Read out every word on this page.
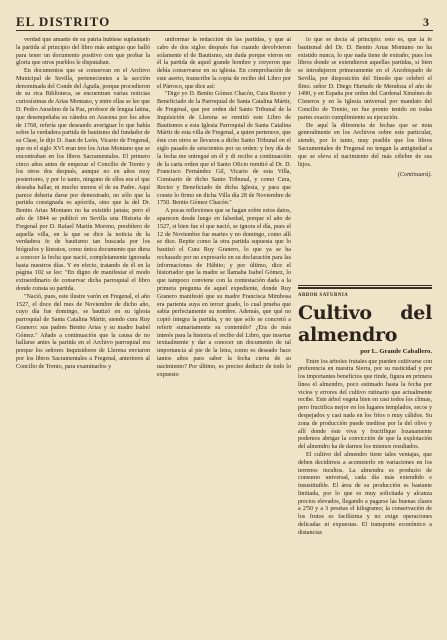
EL DISTRITO	3

verdad que amante de su patria hubiese suplantado la partida al principio del libro más antiguo que halló para tener un documento positivo con que probar la gloria que otros pueblos le disputaban.

En documentos que se conservan en el Archivo Municipal de Sevilla, pertenecientes a la sección denominada del Conde del Águila, porque procedieron de su rica Biblioteca, se encuentran varias noticias curiosísimas de Arias Montano, y entre ellas se lee que D. Pedro Anselmo de la Paz, profesor de lengua latina, que desempeñaba su cátedra en Aracena por los años de 1768, refería que deseando averiguar lo que había sobre la verdadera partida de bautismo del fundador de su Clase, le dijo D. Juan de León, Vicario de Fregenal, que en el siglo XVI eran tres los Arias Montano que se encontraban en los libros Sacramentales. El primero cinco años antes de empezar el Concilio de Trento y los otros dos después, aunque no en años muy posteriores, y por lo tanto, ninguno de ellos era el que deseaba hallar, ni mucho menos el de su Padre. Aquí parece deberia darse por demostrado, no sólo que la partida consignada es apócrifa, sino que la del Dr. Benito Arias Montano no ha existido jamás; pero el año de 1844 se publicó en Sevilla una Historia de Fregenal por D. Rafael Martín Moreno, presbítero de aquella villa, en la que se dice la noticia de la verdadera fe de bautismo tan buscada por los biógrafos y literatos, como única documento que diera a conocer la fecha que nació, completamente ignorada hasta nuestros días. Y en efecto, tratando de él en la página 102 se lee: "En digno de manifestar el modo extraordinario de conservar dicha parroquial el libro donde consta su partida.

"Nació, pues, este ilustre varón en Fregenal, el año 1527, el doce del mes de Noviembre de dicho año, cuyo día fue domingo, se bautizó en su iglesia parroquial de Santa Catalina Mártir, siendo cura Ruy Granero: sus padres Benito Arias y su madre Isabel Gómez." Añade a continuación que la causa de no hallarse antes la partida en el Archivo parroquial era porque los señores Inquisidores de Llerena enviaron por los libros Sacramentales a Fregenal, anteriores al Concilio de Trento, para examinarlos y

uniformar la redacción de las partidas, y que al cabo de dos siglos después fue cuando devolvieron solamente el de Bautismo, sin duda porque vieron en él la partida de aquel grande hombre y creyeron que debía conservarse en su iglesia. En comprobación de este aserto, transcribe la copia de recibo del Libro por el Párroco, que dice así:

"Digo yo D. Benito Gómez Chacón, Cura Rector y Beneficiado de la Parroquial de Santa Catalina Mártir, de Fregenal, que por orden del Santo Tribunal de la Inquisición de Llerena se remitió este Libro de Bautismos a esta Iglesia Parroquial de Santa Catalina Mártir de esta villa de Fregenal, a quien pertenece, que éste con otros se llevaron a dicho Santo Tribunal en el siglo pasado de seiscientos por su orden: y hoy día de la fecha me entregué en él y di recibo a continuación de la carta orden que el Santo Oficio remitió al Dr. D. Francisco Fernández Gil, Vicario de esta Villa, Comisario de dicho Santo Tribunal, y como Cura, Rector y Beneficiado de dicha Iglesia, y para que conste lo firmo en dicha Villa día 28 de Noviembre de 1750. Benito Gómez Chacón."

A pocas reflexiones que se hagan sobre estos datos, aparecen desde luego en falsedad, porque el año de 1527, si bien fue el que nació, se ignora el día, pues el 12 de Noviembre fue martes y no domingo, como allí se dice. Repite como la otra partida supuesta que lo bautizó el Cura Ruy Granero, lo que ya se ha rechazado por no expresarlo en su declaración para las informaciones de Hábito; y por último, dice el historiador que la madre se llamaba Isabel Gómez, lo que tampoco conviene con la contestación dada a la primera pregunta de aquel expediente, donde Ruy Granero manifestó que su madre Francisca Mimbosa era parienta suya en tercer grado, lo cual prueba que sabía perfectamente su nombre. Además, que qué no copió íntegra la partida, y no que sólo se concretó a referir sumariamente su contenido? ¿Era de más interés para la historia el recibo del Libro, que insertar textualmente y dar a conocer un documento de tal importancia al pie de la letra, como es deseado hace tantos años para saber la fecha cierta de su nacimiento? Por último, es preciso deducir de todo lo expuesto

lo que se decía al principio: esto es, que la fe bautismal del Dr. D. Benito Arias Montano no ha existido nunca, lo que nada tiene de extraño; pues los libros donde se extendieron aquellas partidas, si bien se introdujeron primeramente en el Arzobispado de Sevilla, por disposición del Sínodo que celebró el Ilmo. señor D. Diego Hurtado de Mendoza el año de 1490, y en España por orden del Cardenal Ximénes de Cisneros y en la Iglesia universal por mandato del Concilio de Trento, no fue pronto tenido en todas partes exacto cumplimiento su ejecución.

De aquí la diferencia de fechas que se nota generalmente en los Archivos sobre este particular, siendo, por lo tanto, muy posible que los libros Sacramentales de Fregenal no tengan la antigüedad a que se eleva el nacimiento del más célebre de sus hijos.

(Continuará).
ARBOR SATURNIA
Cultivo del almendro
por L. Grande Caballero.

Entre los árboles frutales que pueden cultivarse con preferencia en nuestra Sierra, por su rusticidad y por los importantes beneficios que rinde, figura en primera línea el almendro, poco estimado hasta la fecha por vicios y errores del cultivo rutinario que actualmente recibe. Este árbol vegeta bien en casi todos los climas, pero fructifica mejor en los lugares templados, secos y despejados y casi nada en los fríos o muy cálidos. Su zona de producción puede medirse por la del olivo y allí donde éste viva y fructifique lozanamente podemos abrigar la convicción de que la explotación del almendro ha de darnos los mismos resultados.

El cultivo del almendro tiene tales ventajas, que deben decidirnos a acometerlo en variaciones en los terrenos incultos. La almendra es producto de consumo universal, cada día más extendido e insustituible. El área de su producción es bastante limitada, por lo que es muy solicitada y alcanza precios elevados, llegando a pagarse las buenas clases a 2'50 y a 3 pesetas el kilogramo; la conservación de los frutos es facilísima y no exige operaciones delicadas ni expuestas. El transporte económico a distancias
